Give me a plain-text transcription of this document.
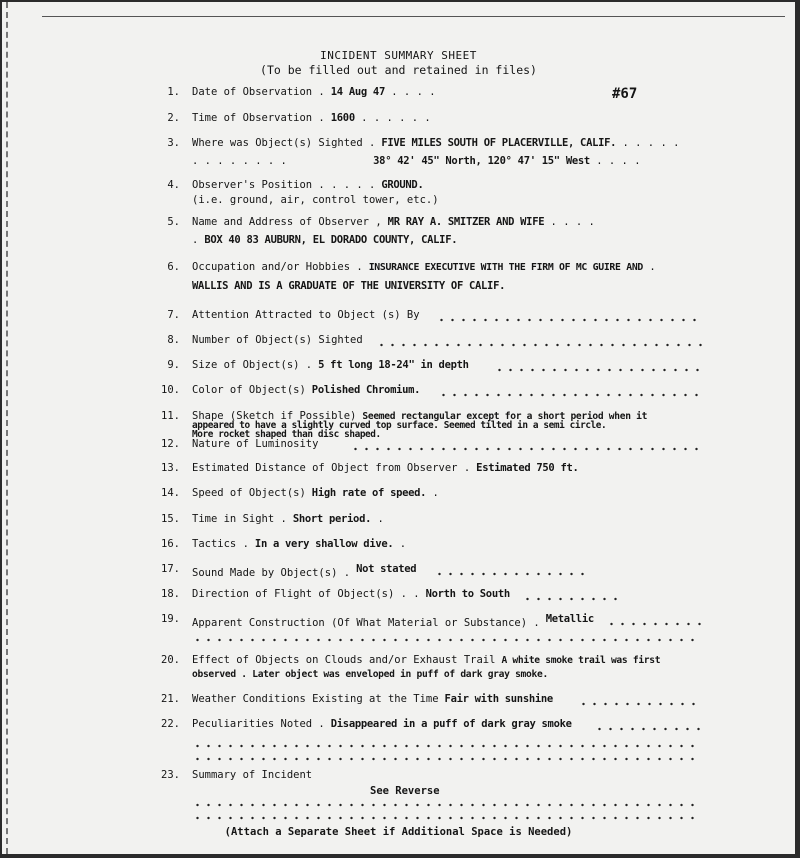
INCIDENT SUMMARY SHEET
(To be filled out and retained in files)
#67
1. Date of Observation . 14 Aug 47 . . . .
2. Time of Observation . 1600 . . . . . .
3. Where was Object(s) Sighted . FIVE MILES SOUTH OF PLACERVILLE, CALIF. . . . . .
. . . . . . . .	38° 42' 45" North, 120° 47' 15" West . . . .
4. Observer's Position . . . . . GROUND.
(i.e. ground, air, control tower, etc.)
5. Name and Address of Observer , MR RAY A. SMITZER AND WIFE . . . .
. BOX 40 83 AUBURN, EL DORADO COUNTY, CALIF.
6. Occupation and/or Hobbies . INSURANCE EXECUTIVE WITH THE FIRM OF MC GUIRE AND .
WALLIS AND IS A GRADUATE OF THE UNIVERSITY OF CALIF.
7. Attention Attracted to Object (s) By
8. Number of Object(s) Sighted
9. Size of Object(s) . 5 ft long 18-24" in depth
10. Color of Object(s) Polished Chromium.
11. Shape (Sketch if Possible) Seemed rectangular except for a short period when it
appeared to have a slightly curved top surface. Seemed tilted in a semi circle.
More rocket shaped than disc shaped.
12. Nature of Luminosity
13. Estimated Distance of Object from Observer . Estimated 750 ft.
14. Speed of Object(s) High rate of speed. .
15. Time in Sight . Short period. .
16. Tactics . In a very shallow dive. .
17. Sound Made by Object(s) . Not stated
18. Direction of Flight of Object(s) . . North to South
19. Apparent Construction (Of What Material or Substance) . Metallic
20. Effect of Objects on Clouds and/or Exhaust Trail A white smoke trail was first
observed . Later object was enveloped in puff of dark gray smoke.
21. Weather Conditions Existing at the Time Fair with sunshine
22. Peculiarities Noted . Disappeared in a puff of dark gray smoke
23. Summary of Incident
See Reverse
(Attach a Separate Sheet if Additional Space is Needed)
